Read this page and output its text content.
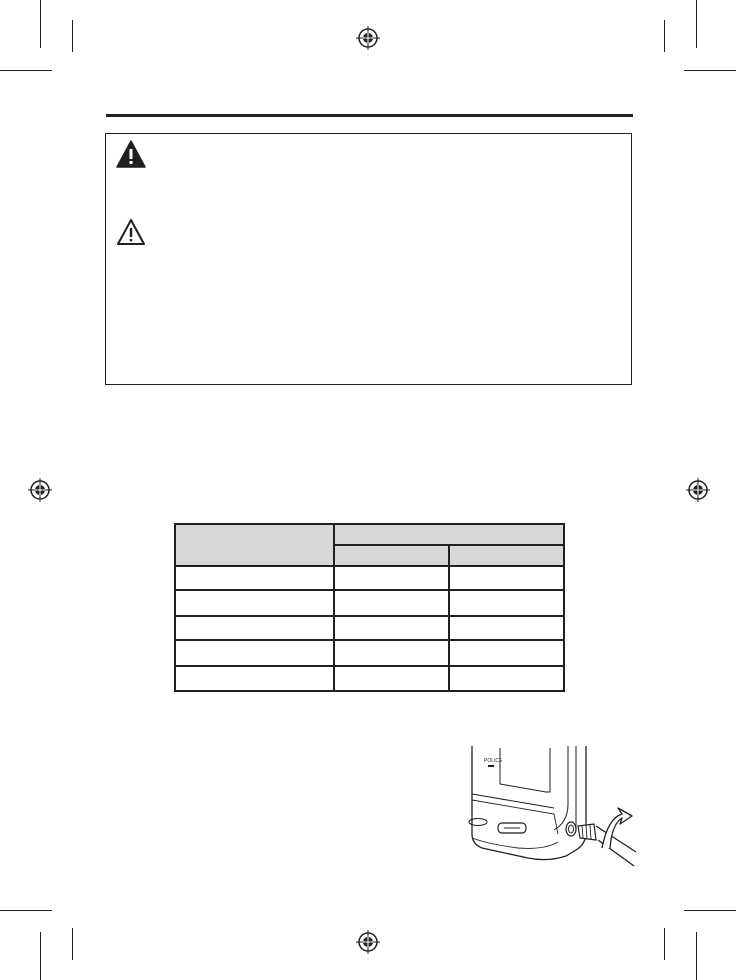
POLICE
